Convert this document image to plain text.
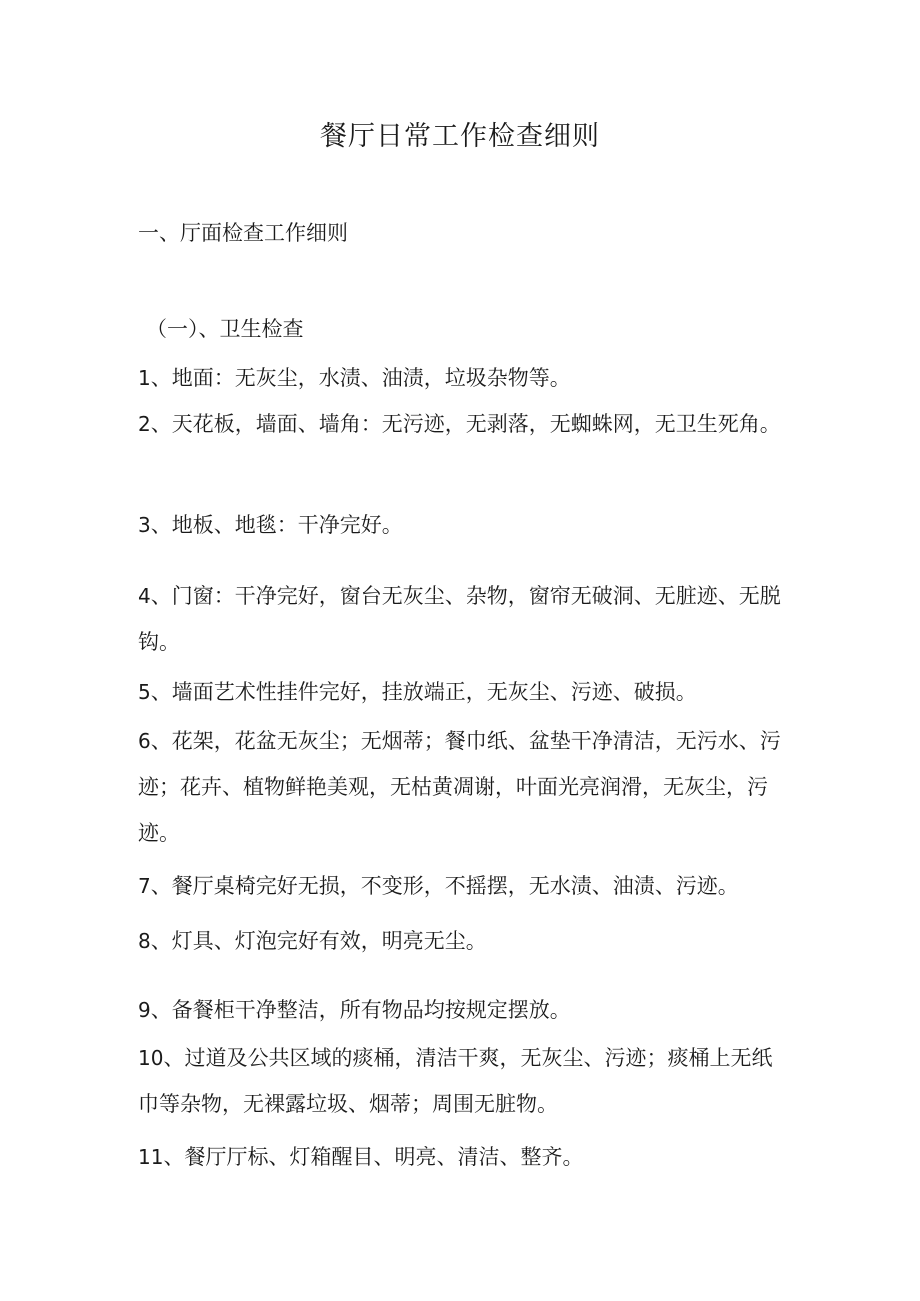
餐厅日常工作检查细则
一、厅面检查工作细则
（一）、卫生检查

1、地面：无灰尘，水渍、油渍，垃圾杂物等。

2、天花板，墙面、墙角：无污迹，无剥落，无蜘蛛网，无卫生死角。

3、地板、地毯：干净完好。

4、门窗：干净完好，窗台无灰尘、杂物，窗帘无破洞、无脏迹、无脱钩。

5、墙面艺术性挂件完好，挂放端正，无灰尘、污迹、破损。

6、花架，花盆无灰尘；无烟蒂；餐巾纸、盆垫干净清洁，无污水、污迹；花卉、植物鲜艳美观，无枯黄凋谢，叶面光亮润滑，无灰尘，污迹。

7、餐厅桌椅完好无损，不变形，不摇摆，无水渍、油渍、污迹。

8、灯具、灯泡完好有效，明亮无尘。

9、备餐柜干净整洁，所有物品均按规定摆放。

10、过道及公共区域的痰桶，清洁干爽，无灰尘、污迹；痰桶上无纸巾等杂物，无裸露垃圾、烟蒂；周围无脏物。

11、餐厅厅标、灯箱醒目、明亮、清洁、整齐。
